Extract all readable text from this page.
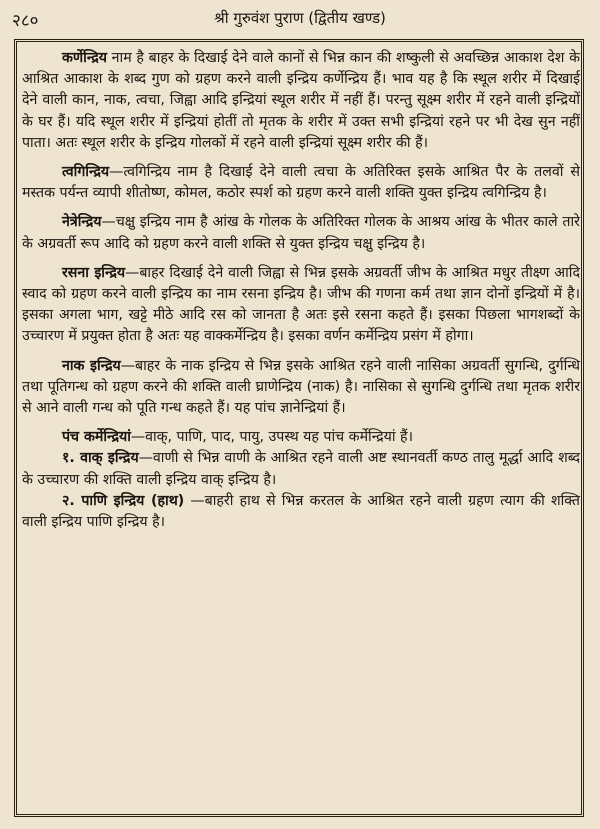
२८०	श्री गुरुवंश पुराण (द्वितीय खण्ड)

कर्णेन्द्रिय नाम है बाहर के दिखाई देने वाले कानों से भिन्न कान की शष्कुली से अवच्छिन्न आकाश देश के आश्रित आकाश के शब्द गुण को ग्रहण करने वाली इन्द्रिय कर्णेन्द्रिय हैं। भाव यह है कि स्थूल शरीर में दिखाई देने वाली कान, नाक, त्वचा, जिह्वा आदि इन्द्रियां स्थूल शरीर में नहीं हैं। परन्तु सूक्ष्म शरीर में रहने वाली इन्द्रियों के घर हैं। यदि स्थूल शरीर में इन्द्रियां होतीं तो मृतक के शरीर में उक्त सभी इन्द्रियां रहने पर भी देख सुन नहीं पाता। अतः स्थूल शरीर के इन्द्रिय गोलकों में रहने वाली इन्द्रियां सूक्ष्म शरीर की हैं।

त्वगिन्द्रिय—त्वगिन्द्रिय नाम है दिखाई देने वाली त्वचा के अतिरिक्त इसके आश्रित पैर के तलवों से मस्तक पर्यन्त व्यापी शीतोष्ण, कोमल, कठोर स्पर्श को ग्रहण करने वाली शक्ति युक्त इन्द्रिय त्वगिन्द्रिय है।

नेत्रेन्द्रिय—चक्षु इन्द्रिय नाम है आंख के गोलक के अतिरिक्त गोलक के आश्रय आंख के भीतर काले तारे के अग्रवर्ती रूप आदि को ग्रहण करने वाली शक्ति से युक्त इन्द्रिय चक्षु इन्द्रिय है।

रसना इन्द्रिय—बाहर दिखाई देने वाली जिह्वा से भिन्न इसके अग्रवर्ती जीभ के आश्रित मधुर तीक्ष्ण आदि स्वाद को ग्रहण करने वाली इन्द्रिय का नाम रसना इन्द्रिय है। जीभ की गणना कर्म तथा ज्ञान दोनों इन्द्रियों में है। इसका अगला भाग, खट्टे मीठे आदि रस को जानता है अतः इसे रसना कहते हैं। इसका पिछला भागशब्दों के उच्चारण में प्रयुक्त होता है अतः यह वाक्कर्मेन्द्रिय है। इसका वर्णन कर्मेन्द्रिय प्रसंग में होगा।

नाक इन्द्रिय—बाहर के नाक इन्द्रिय से भिन्न इसके आश्रित रहने वाली नासिका अग्रवर्ती सुगन्धि, दुर्गन्धि तथा पूतिगन्ध को ग्रहण करने की शक्ति वाली घ्राणेन्द्रिय (नाक) है। नासिका से सुगन्धि दुर्गन्धि तथा मृतक शरीर से आने वाली गन्ध को पूति गन्ध कहते हैं। यह पांच ज्ञानेन्द्रियां हैं।

पंच कर्मेन्द्रियां—वाक्, पाणि, पाद, पायु, उपस्थ यह पांच कर्मेन्द्रियां हैं।

१. वाक् इन्द्रिय—वाणी से भिन्न वाणी के आश्रित रहने वाली अष्ट स्थानवर्ती कण्ठ तालु मूर्द्धा आदि शब्द के उच्चारण की शक्ति वाली इन्द्रिय वाक् इन्द्रिय है।

२. पाणि इन्द्रिय (हाथ) —बाहरी हाथ से भिन्न करतल के आश्रित रहने वाली ग्रहण त्याग की शक्ति वाली इन्द्रिय पाणि इन्द्रिय है।
